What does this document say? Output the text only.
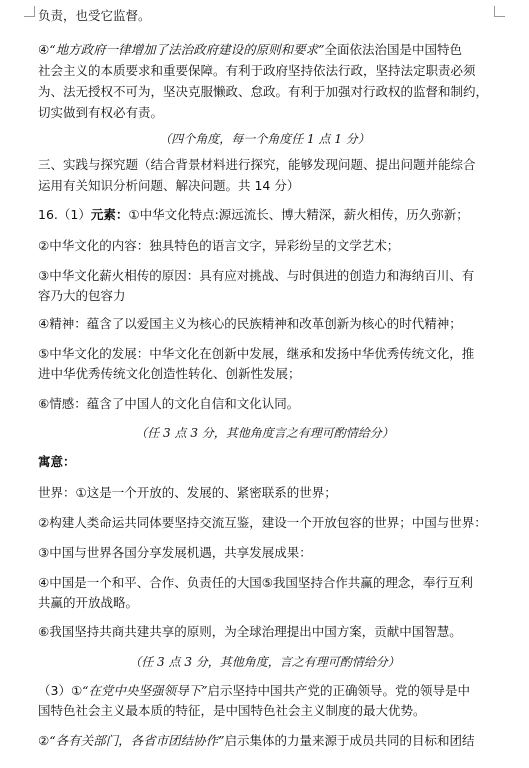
负责，也受它监督。
④“地方政府一律增加了法治政府建设的原则和要求”全面依法治国是中国特色
社会主义的本质要求和重要保障。有利于政府坚持依法行政，坚持法定职责必须
为、法无授权不可为，坚决克服懒政、怠政。有利于加强对行政权的监督和制约，
切实做到有权必有责。
（四个角度，每一个角度任 1 点 1 分）
三、实践与探究题（结合背景材料进行探究，能够发现问题、提出问题并能综合
运用有关知识分析问题、解决问题。共 14 分）
16.（1）元素：①中华文化特点:源远流长、博大精深，薪火相传，历久弥新；
②中华文化的内容：独具特色的语言文字，异彩纷呈的文学艺术；
③中华文化薪火相传的原因：具有应对挑战、与时俱进的创造力和海纳百川、有
容乃大的包容力
④精神：蕴含了以爱国主义为核心的民族精神和改革创新为核心的时代精神；
⑤中华文化的发展：中华文化在创新中发展，继承和发扬中华优秀传统文化，推
进中华优秀传统文化创造性转化、创新性发展；
⑥情感：蕴含了中国人的文化自信和文化认同。
（任 3 点 3 分，其他角度言之有理可酌情给分）
寓意：
世界：①这是一个开放的、发展的、紧密联系的世界；
②构建人类命运共同体要坚持交流互鉴，建设一个开放包容的世界；中国与世界：
③中国与世界各国分享发展机遇，共享发展成果：
④中国是一个和平、合作、负责任的大国⑤我国坚持合作共赢的理念，奉行互利
共赢的开放战略。
⑥我国坚持共商共建共享的原则，为全球治理提出中国方案，贡献中国智慧。
（任 3 点 3 分，其他角度，言之有理可酌情给分）
（3）①“在党中央坚强领导下”启示坚持中国共产党的正确领导。党的领导是中
国特色社会主义最本质的特征，是中国特色社会主义制度的最大优势。
②“各有关部门，各省市团结协作”启示集体的力量来源于成员共同的目标和团结
